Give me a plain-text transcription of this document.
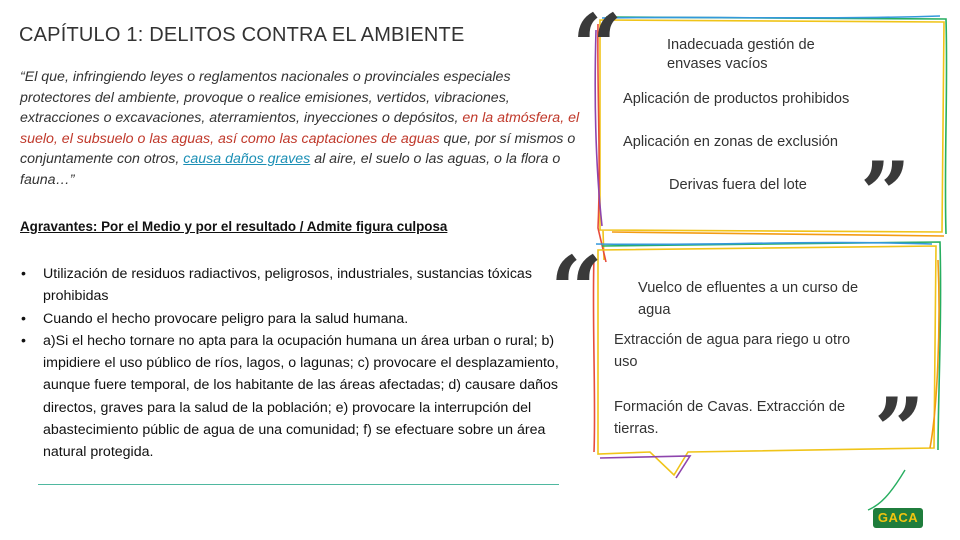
CAPÍTULO 1: DELITOS CONTRA EL AMBIENTE
“El que, infringiendo leyes o reglamentos nacionales o provinciales especiales protectores del ambiente, provoque o realice emisiones, vertidos, vibraciones, extracciones o excavaciones, aterramientos, inyecciones o depósitos, en la atmósfera, el suelo, el subsuelo o las aguas, así como las captaciones de aguas que, por sí mismos o conjuntamente con otros, causa daños graves al aire, el suelo o las aguas, o la flora o fauna…”
Agravantes: Por el Medio y por el resultado / Admite figura culposa
• Utilización de residuos radiactivos, peligrosos, industriales, sustancias tóxicas prohibidas
• Cuando el hecho provocare peligro para la salud humana.
• a)Si el hecho tornare no apta para la ocupación humana un área urban o rural; b) impidiere el uso público de ríos, lagos, o lagunas; c) provocare el desplazamiento, aunque fuere temporal, de los habitante de las áreas afectadas; d) causare daños directos, graves para la salud de la población; e) provocare la interrupción del abastecimiento públic de agua de una comunidad; f) se efectuare sobre un área natural protegida.
“
”
“
”
Inadecuada gestión de envases vacíos
Aplicación de productos prohibidos
Aplicación en zonas de exclusión
Derivas fuera del lote
Vuelco de efluentes a un curso de agua
Extracción de agua para riego u otro uso
Formación de Cavas. Extracción de tierras.
GACA
